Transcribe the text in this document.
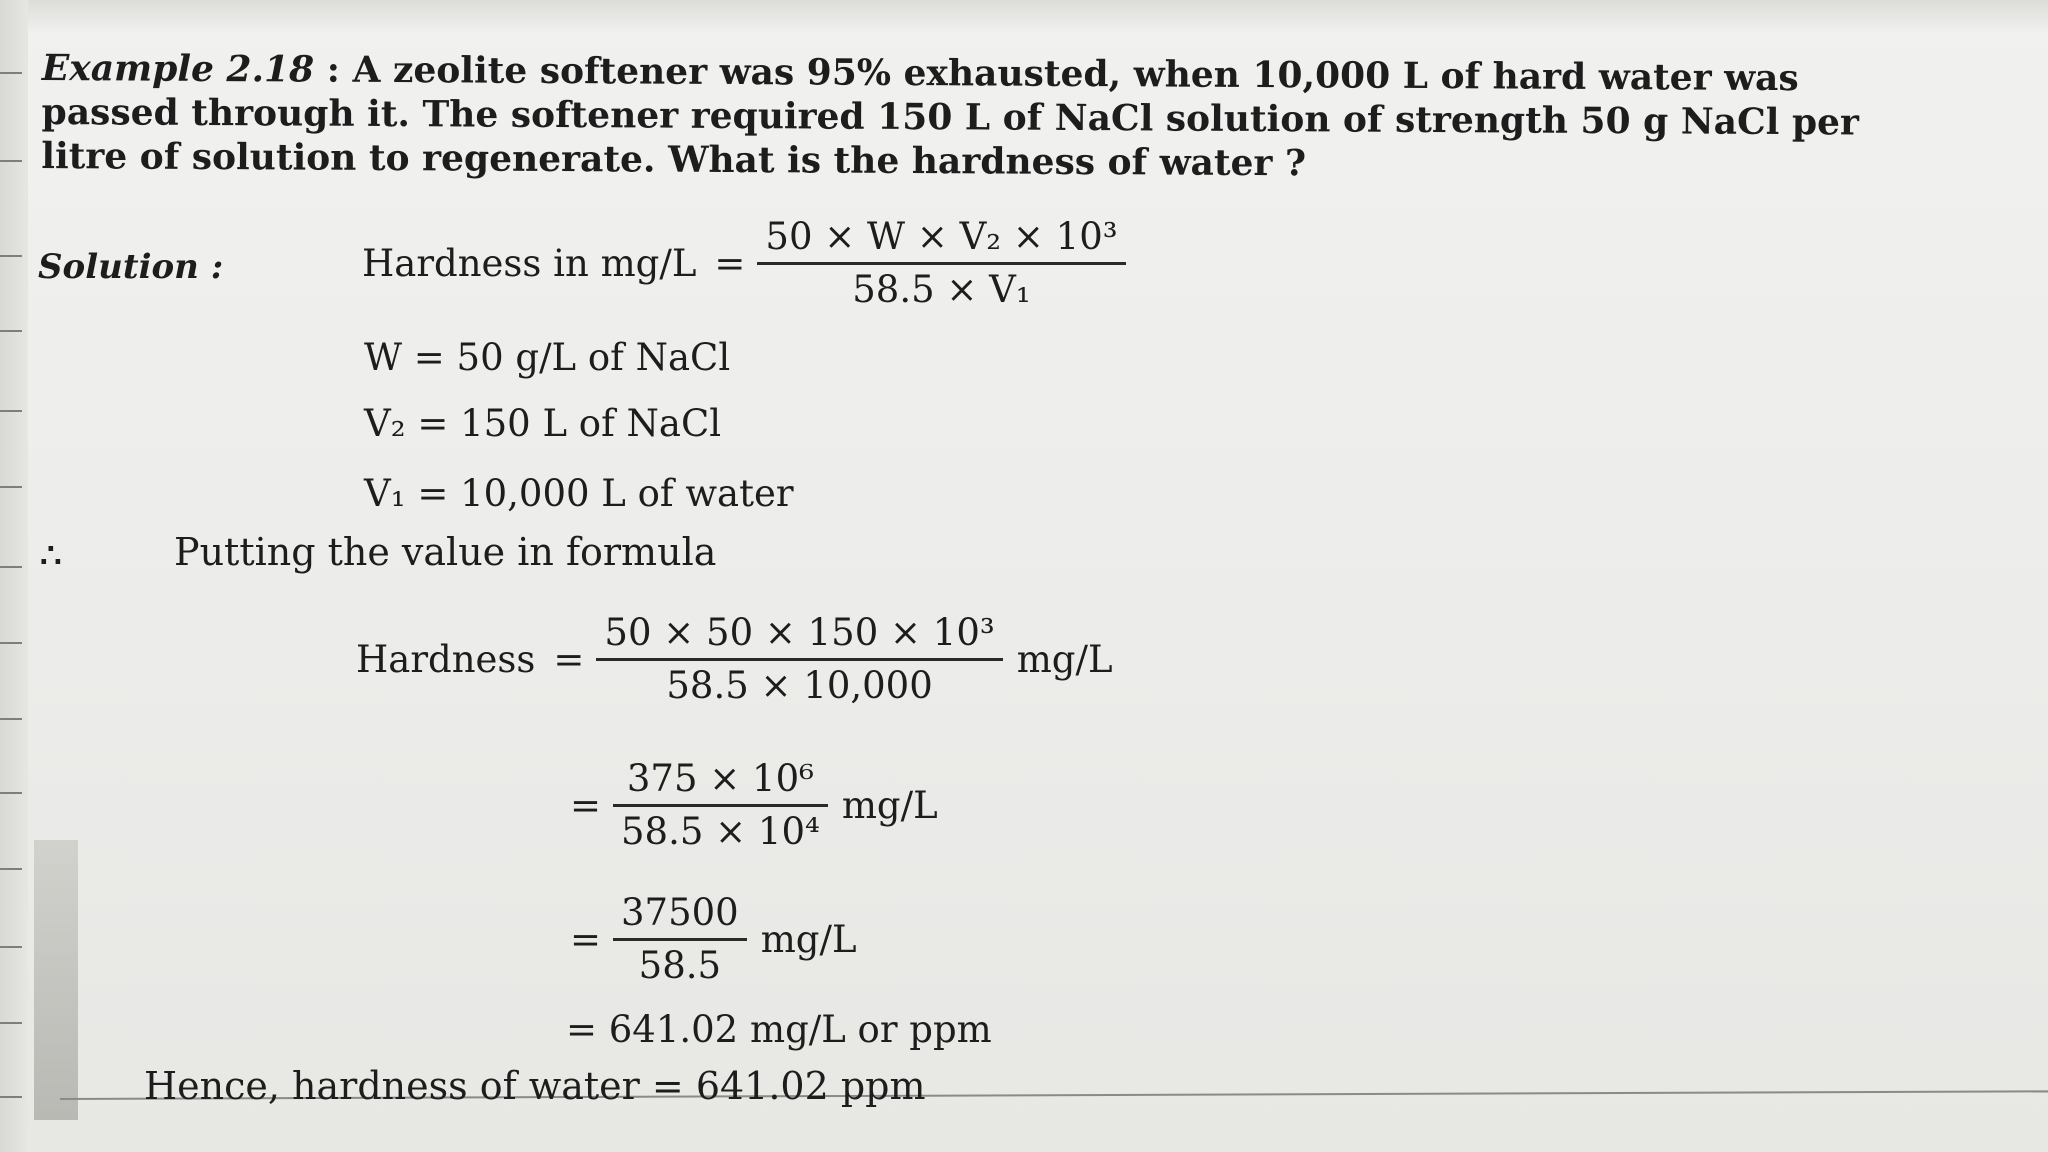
Example 2.18 : A zeolite softener was 95% exhausted, when 10,000 L of hard water was
passed through it. The softener required 150 L of NaCl solution of strength 50 g NaCl per
litre of solution to regenerate. What is the hardness of water ?
Solution :	Hardness in $mg/L = \frac{\text{50 × W × V₂ × 10³}}{\text{58.5 × V₁}}$
W = 50 g/L of NaCl
V₂ = 150 L of NaCl
V₁ = 10,000 L of water
∴	Putting the value in formula
Hardness = $\frac{\text{50 × 50 × 150 × 10³}}{58.5 \times 10,000} mg/L$
= $\frac{\text{375 × 10⁶}}{\text{58.5 × 10⁴}} mg/L$
= $\frac{37500}{58.5} mg/L$
= 641.02 mg/L or ppm
Hence, hardness of water = 641.02 ppm
